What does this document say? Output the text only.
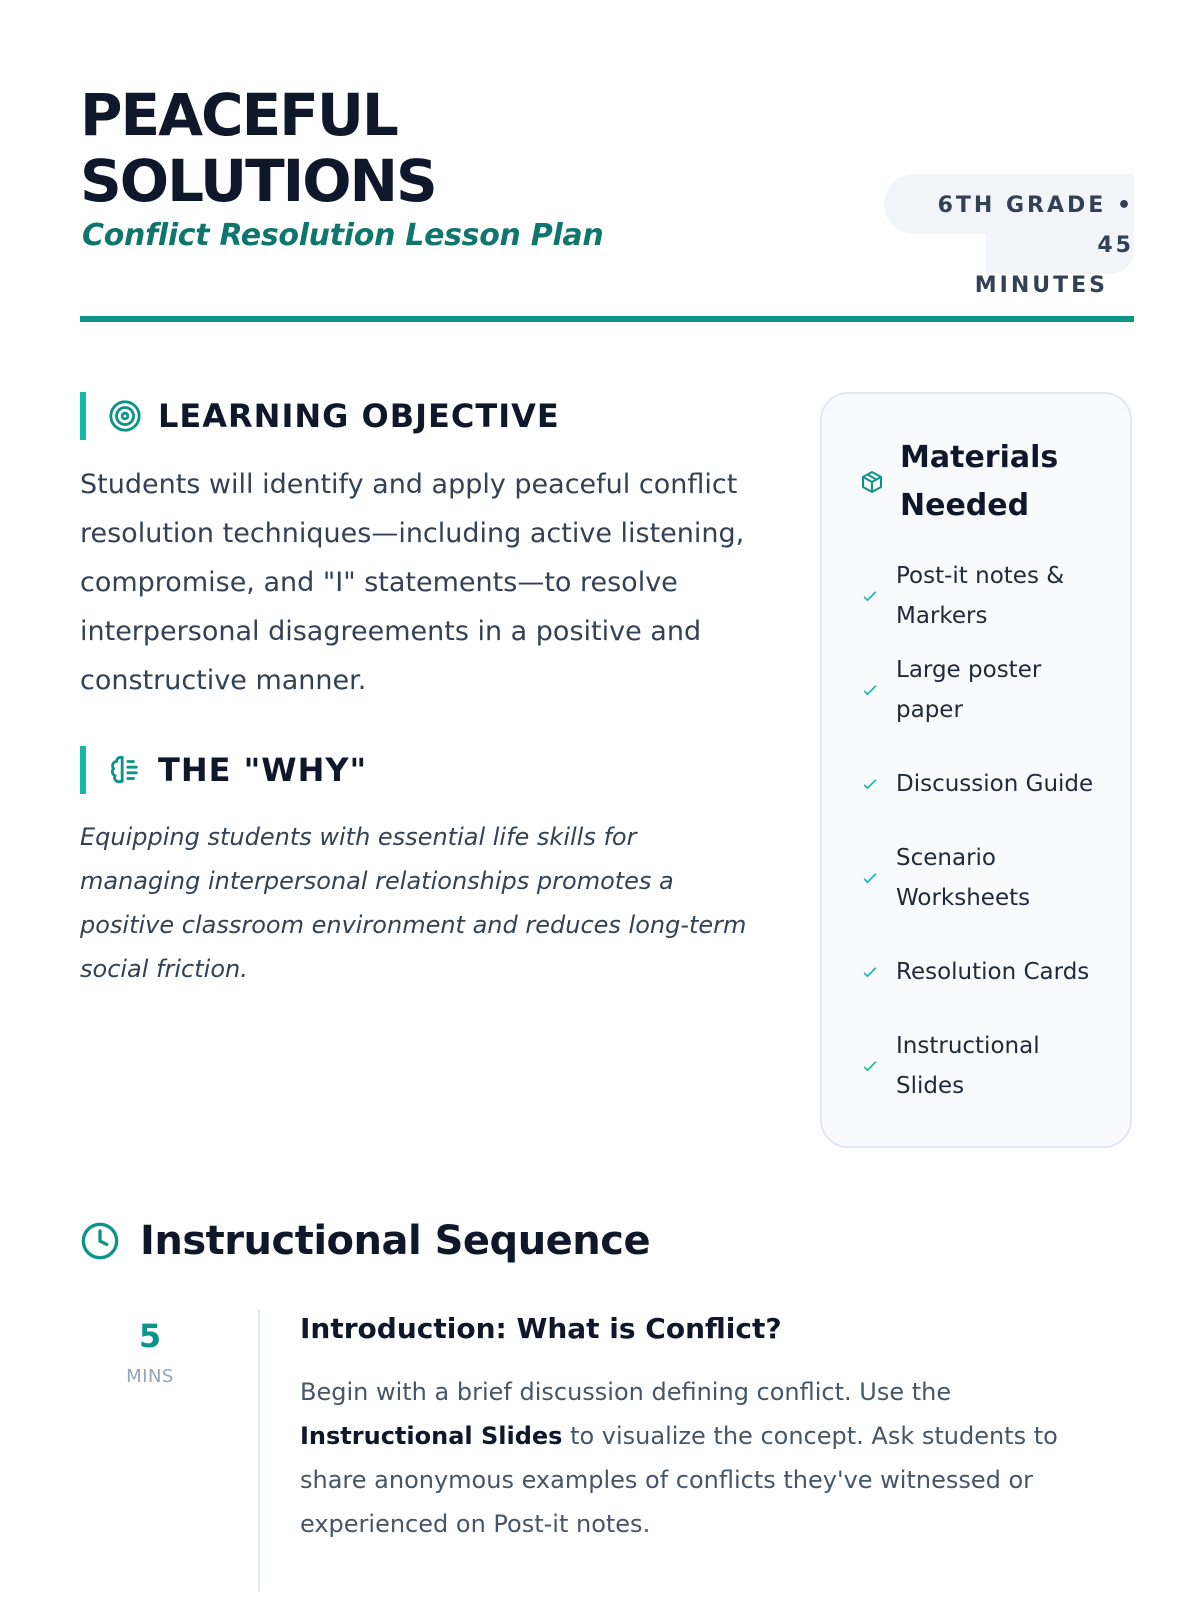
PEACEFUL SOLUTIONS

Conflict Resolution Lesson Plan

6TH GRADE • 45
MINUTES
LEARNING OBJECTIVE

Students will identify and apply peaceful conflict resolution techniques—including active listening, compromise, and "I" statements—to resolve interpersonal disagreements in a positive and constructive manner.

THE "WHY"

Equipping students with essential life skills for managing interpersonal relationships promotes a positive classroom environment and reduces long-term social friction.

Materials Needed
Post-it notes & Markers
Large poster paper
Discussion Guide
Scenario Worksheets
Resolution Cards
Instructional Slides
Instructional Sequence
5
MINS
Introduction: What is Conflict?

Begin with a brief discussion defining conflict. Use the Instructional Slides to visualize the concept. Ask students to share anonymous examples of conflicts they've witnessed or experienced on Post-it notes.
